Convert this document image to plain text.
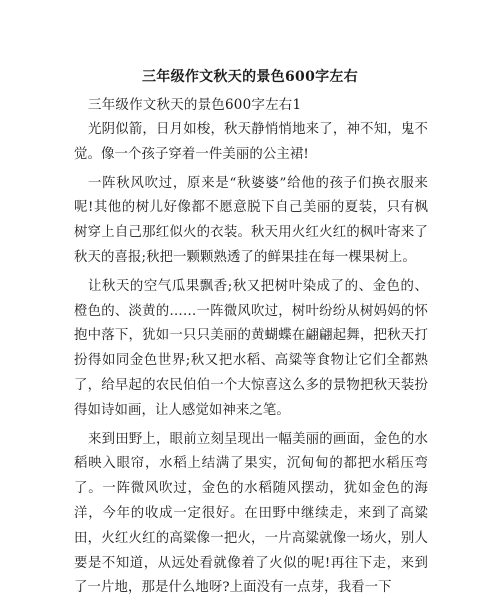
三年级作文秋天的景色600字左右

三年级作文秋天的景色600字左右1

光阴似箭，日月如梭，秋天静悄悄地来了，神不知，鬼不觉。像一个孩子穿着一件美丽的公主裙!

一阵秋风吹过，原来是“秋婆婆”给他的孩子们换衣服来呢!其他的树儿好像都不愿意脱下自己美丽的夏装，只有枫树穿上自己那红似火的衣装。秋天用火红火红的枫叶寄来了秋天的喜报;秋把一颗颗熟透了的鲜果挂在每一棵果树上。

让秋天的空气瓜果飘香;秋又把树叶染成了的、金色的、橙色的、淡黄的……一阵微风吹过，树叶纷纷从树妈妈的怀抱中落下，犹如一只只美丽的黄蝴蝶在翩翩起舞，把秋天打扮得如同金色世界;秋又把水稻、高粱等食物让它们全都熟了，给早起的农民伯伯一个大惊喜这么多的景物把秋天装扮得如诗如画，让人感觉如神来之笔。

来到田野上，眼前立刻呈现出一幅美丽的画面，金色的水稻映入眼帘，水稻上结满了果实，沉甸甸的都把水稻压弯了。一阵微风吹过，金色的水稻随风摆动，犹如金色的海洋，今年的收成一定很好。在田野中继续走，来到了高粱田，火红火红的高粱像一把火，一片高粱就像一场火，别人要是不知道，从远处看就像着了火似的呢!再往下走，来到了一片地，那是什么地呀?上面没有一点芽，我看一下
